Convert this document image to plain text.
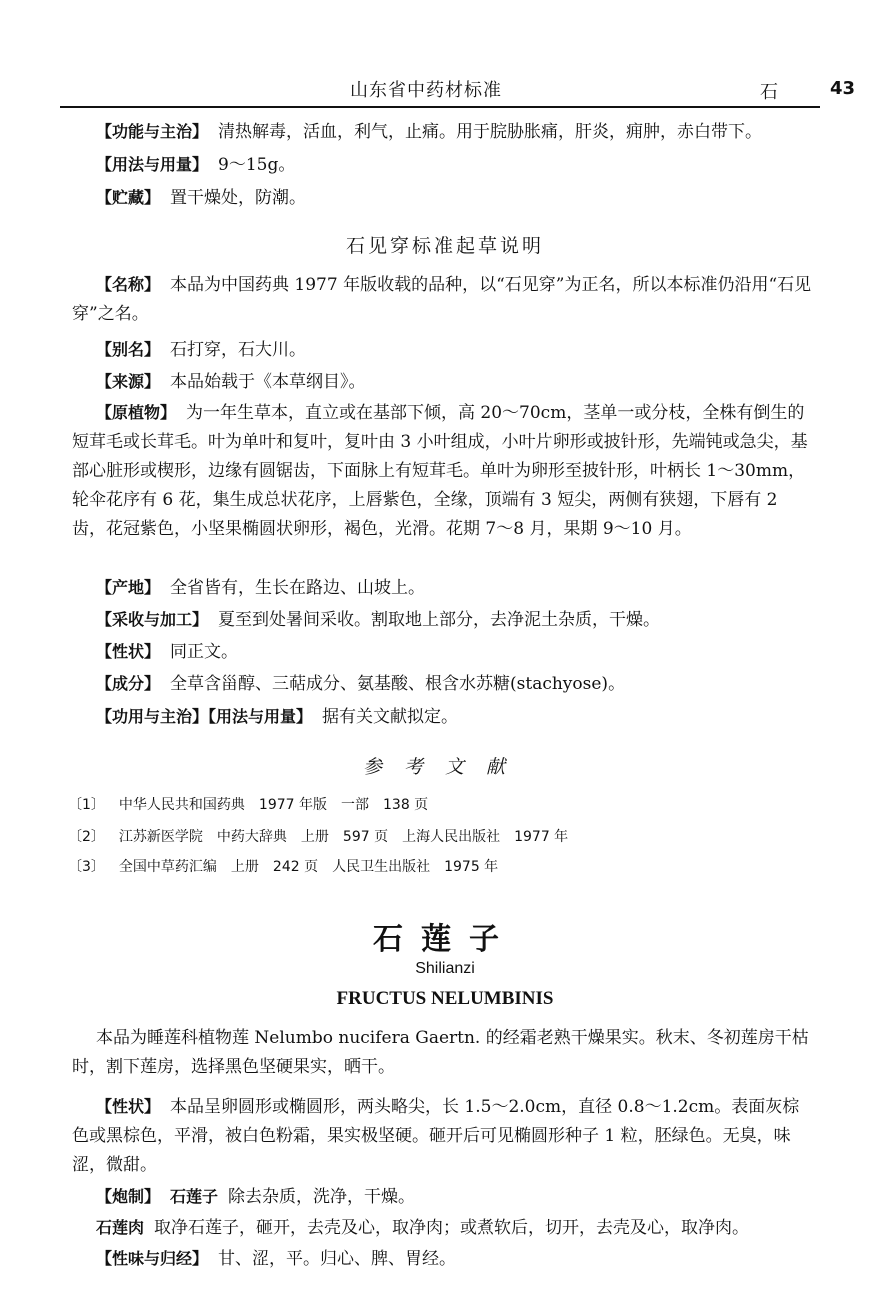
山东省中药材标准	石	43
【功能与主治】 清热解毒，活血，利气，止痛。用于脘胁胀痛，肝炎，痈肿，赤白带下。
【用法与用量】 9～15g。
【贮藏】 置干燥处，防潮。
石见穿标准起草说明
【名称】 本品为中国药典 1977 年版收载的品种，以“石见穿”为正名，所以本标准仍沿用“石见穿”之名。
【别名】 石打穿，石大川。
【来源】 本品始载于《本草纲目》。
【原植物】 为一年生草本，直立或在基部下倾，高 20～70cm，茎单一或分枝，全株有倒生的短茸毛或长茸毛。叶为单叶和复叶，复叶由 3 小叶组成，小叶片卵形或披针形，先端钝或急尖，基部心脏形或楔形，边缘有圆锯齿，下面脉上有短茸毛。单叶为卵形至披针形，叶柄长 1～30mm，轮伞花序有 6 花，集生成总状花序，上唇紫色，全缘，顶端有 3 短尖，两侧有狭翅，下唇有 2 齿，花冠紫色，小坚果椭圆状卵形，褐色，光滑。花期 7～8 月，果期 9～10 月。
【产地】 全省皆有，生长在路边、山坡上。
【采收与加工】 夏至到处暑间采收。割取地上部分，去净泥土杂质，干燥。
【性状】 同正文。
【成分】 全草含甾醇、三萜成分、氨基酸、根含水苏糖(stachyose)。
【功用与主治】【用法与用量】 据有关文献拟定。
参考文献
〔1〕 中华人民共和国药典　1977 年版　一部　138 页
〔2〕 江苏新医学院　中药大辞典　上册　597 页　上海人民出版社　1977 年
〔3〕 全国中草药汇编　上册　242 页　人民卫生出版社　1975 年
石莲子
Shilianzi
FRUCTUS NELUMBINIS
本品为睡莲科植物莲 Nelumbo nucifera Gaertn. 的经霜老熟干燥果实。秋末、冬初莲房干枯时，割下莲房，选择黑色坚硬果实，晒干。
【性状】 本品呈卵圆形或椭圆形，两头略尖，长 1.5～2.0cm，直径 0.8～1.2cm。表面灰棕色或黑棕色，平滑，被白色粉霜，果实极坚硬。砸开后可见椭圆形种子 1 粒，胚绿色。无臭，味涩，微甜。
【炮制】 石莲子 除去杂质，洗净，干燥。
石莲肉 取净石莲子，砸开，去壳及心，取净肉；或煮软后，切开，去壳及心，取净肉。
【性味与归经】 甘、涩，平。归心、脾、胃经。
